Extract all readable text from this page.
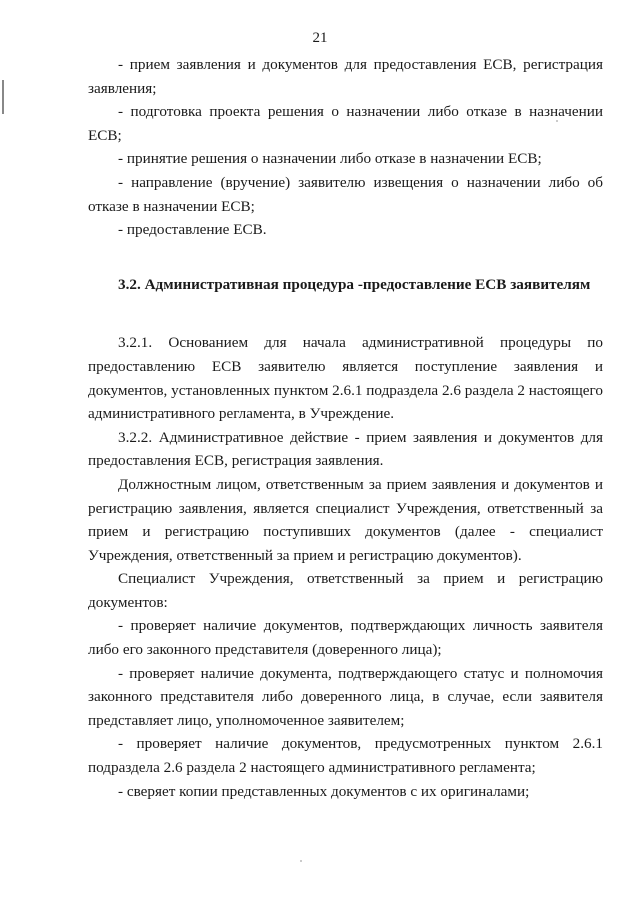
21

- прием заявления и документов для предоставления ЕСВ, регистрация заявления;

- подготовка проекта решения о назначении либо отказе в назначении ЕСВ;

- принятие решения о назначении либо отказе в назначении ЕСВ;

- направление (вручение) заявителю извещения о назначении либо об отказе в назначении ЕСВ;

- предоставление ЕСВ.

3.2. Административная процедура -предоставление ЕСВ заявителям

3.2.1. Основанием для начала административной процедуры по предоставлению ЕСВ заявителю является поступление заявления и документов, установленных пунктом 2.6.1 подраздела 2.6 раздела 2 настоящего административного регламента, в Учреждение.

3.2.2. Административное действие - прием заявления и документов для предоставления ЕСВ, регистрация заявления.

Должностным лицом, ответственным за прием заявления и документов и регистрацию заявления, является специалист Учреждения, ответственный за прием и регистрацию поступивших документов (далее - специалист Учреждения, ответственный за прием и регистрацию документов).

Специалист Учреждения, ответственный за прием и регистрацию документов:

- проверяет наличие документов, подтверждающих личность заявителя либо его законного представителя (доверенного лица);

- проверяет наличие документа, подтверждающего статус и полномочия законного представителя либо доверенного лица, в случае, если заявителя представляет лицо, уполномоченное заявителем;

- проверяет наличие документов, предусмотренных пунктом 2.6.1 подраздела 2.6 раздела 2 настоящего административного регламента;

- сверяет копии представленных документов с их оригиналами;
